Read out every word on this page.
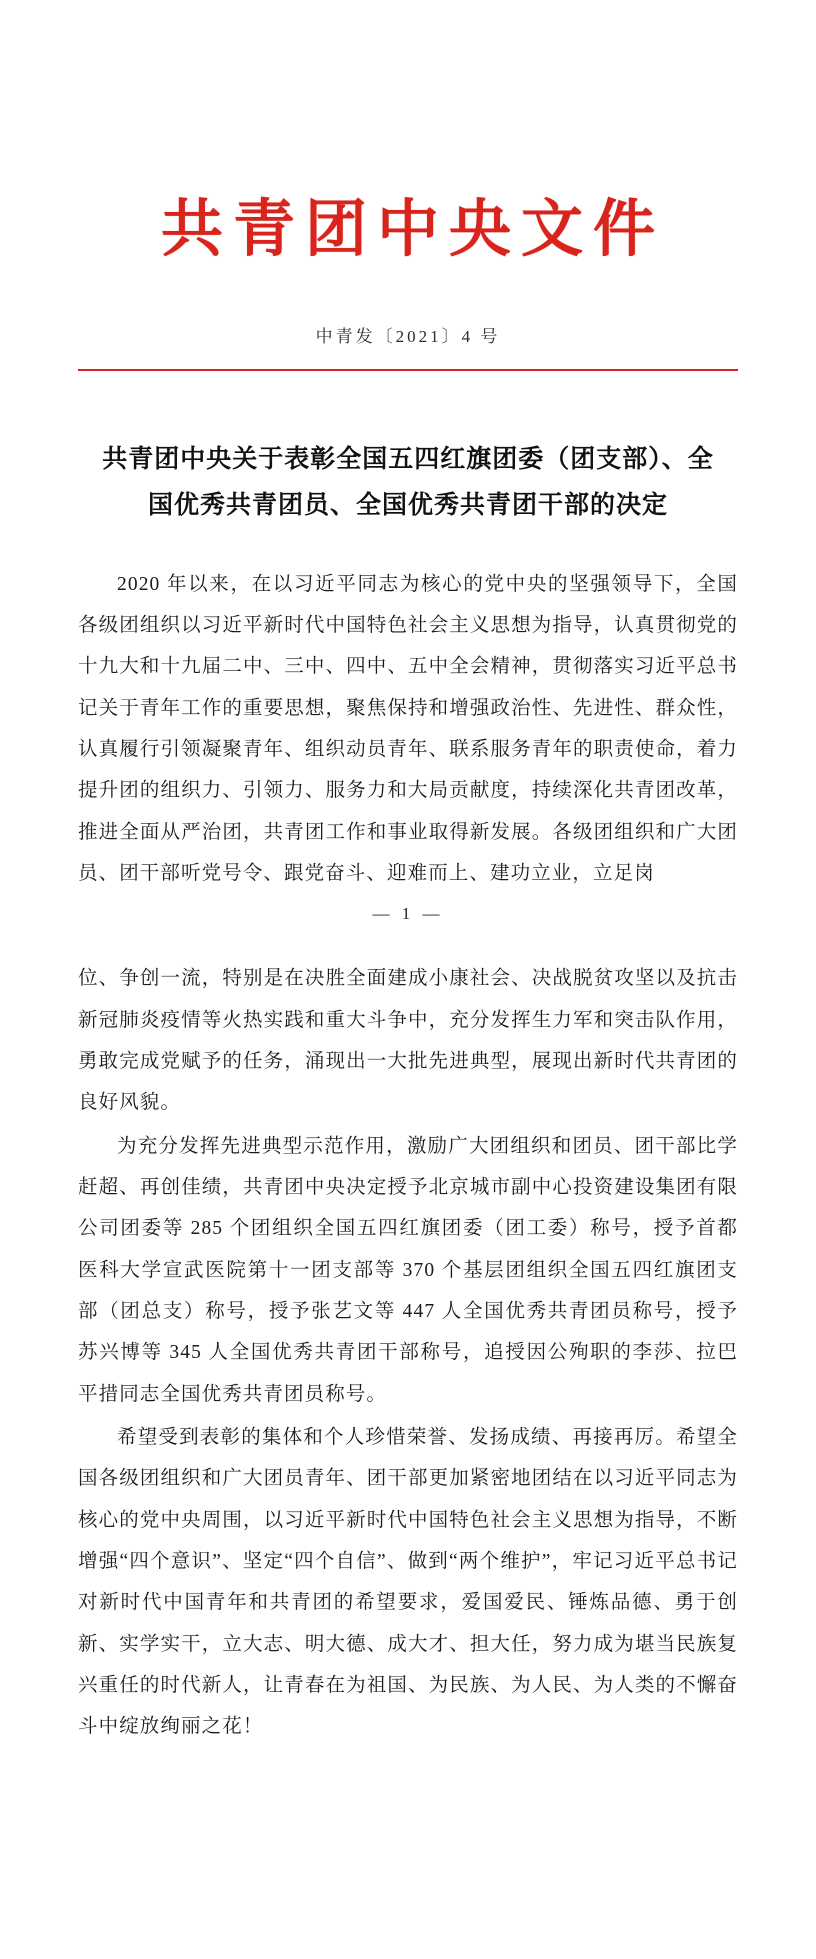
共青团中央文件
中青发〔2021〕4 号
共青团中央关于表彰全国五四红旗团委（团支部）、全国优秀共青团员、全国优秀共青团干部的决定

2020 年以来，在以习近平同志为核心的党中央的坚强领导下，全国各级团组织以习近平新时代中国特色社会主义思想为指导，认真贯彻党的十九大和十九届二中、三中、四中、五中全会精神，贯彻落实习近平总书记关于青年工作的重要思想，聚焦保持和增强政治性、先进性、群众性，认真履行引领凝聚青年、组织动员青年、联系服务青年的职责使命，着力提升团的组织力、引领力、服务力和大局贡献度，持续深化共青团改革，推进全面从严治团，共青团工作和事业取得新发展。各级团组织和广大团员、团干部听党号令、跟党奋斗、迎难而上、建功立业，立足岗

— 1 —

位、争创一流，特别是在决胜全面建成小康社会、决战脱贫攻坚以及抗击新冠肺炎疫情等火热实践和重大斗争中，充分发挥生力军和突击队作用，勇敢完成党赋予的任务，涌现出一大批先进典型，展现出新时代共青团的良好风貌。

为充分发挥先进典型示范作用，激励广大团组织和团员、团干部比学赶超、再创佳绩，共青团中央决定授予北京城市副中心投资建设集团有限公司团委等 285 个团组织全国五四红旗团委（团工委）称号，授予首都医科大学宣武医院第十一团支部等 370 个基层团组织全国五四红旗团支部（团总支）称号，授予张艺文等 447 人全国优秀共青团员称号，授予苏兴博等 345 人全国优秀共青团干部称号，追授因公殉职的李莎、拉巴平措同志全国优秀共青团员称号。

希望受到表彰的集体和个人珍惜荣誉、发扬成绩、再接再厉。希望全国各级团组织和广大团员青年、团干部更加紧密地团结在以习近平同志为核心的党中央周围，以习近平新时代中国特色社会主义思想为指导，不断增强“四个意识”、坚定“四个自信”、做到“两个维护”，牢记习近平总书记对新时代中国青年和共青团的希望要求，爱国爱民、锤炼品德、勇于创新、实学实干，立大志、明大德、成大才、担大任，努力成为堪当民族复兴重任的时代新人，让青春在为祖国、为民族、为人民、为人类的不懈奋斗中绽放绚丽之花！
